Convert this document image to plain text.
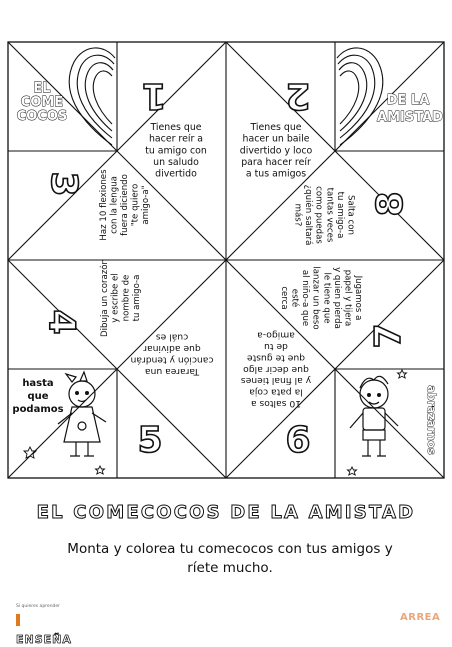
EL
COME
COCOS
DE LA
AMISTAD
hasta
que
podamos	abrazarnos
1	2
3
8
4
7
5	6
Tienes que
hacer reír a
tu amigo con
un saludo
divertido
Tienes que
hacer un baile
divertido y loco
para hacer reír
a tus amigos
Haz 10 flexiones con la lengua fuera diciendo "te quiero amigo-a"	Salta con
tu amigo-a
tantas veces
como puedas
¿quién saltará
más?
Dibuja un corazón y escribe el nombre de tu amigo-a	Jugamos a
papel y tijera
y quien pierda
le tiene que
lanzar un beso
al niño-a que
esté
cerca
Tararea una
canción y tendrán
que adivinar
cuál es
10 saltos a
la pata coja
y al final tienes
que decir algo
que te guste
de tu
amigo-a
EL COMECOCOS DE LA AMISTAD
Monta y colorea tu comecocos con tus amigos y ríete mucho.
Si quieres aprender
ENSEÑA
ARREA
